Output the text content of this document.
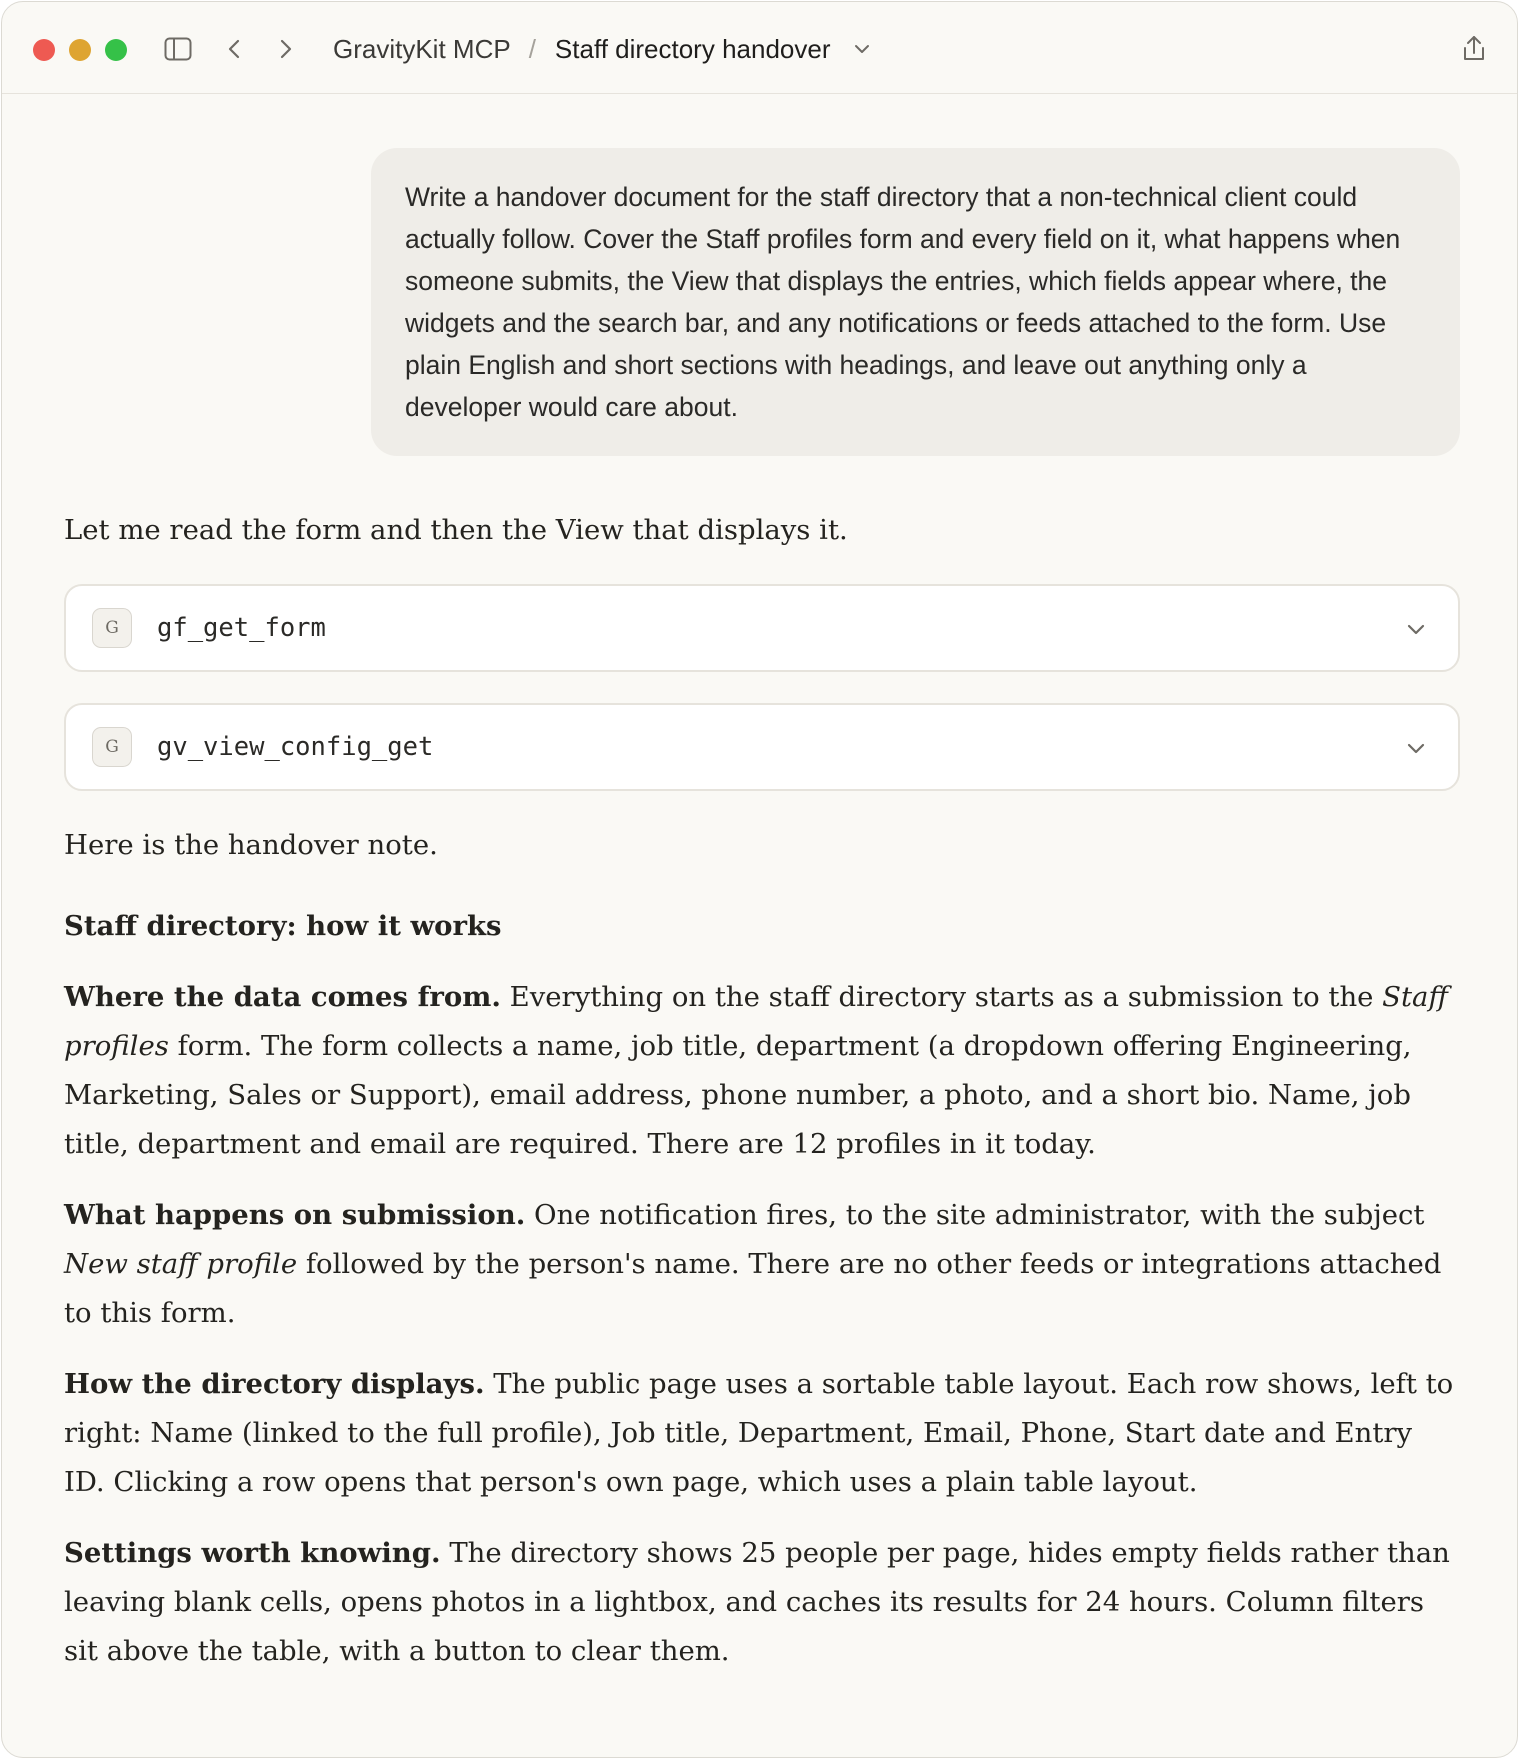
GravityKit MCP / Staff directory handover
Write a handover document for the staff directory that a non-technical client could actually follow. Cover the Staff profiles form and every field on it, what happens when someone submits, the View that displays the entries, which fields appear where, the widgets and the search bar, and any notifications or feeds attached to the form. Use plain English and short sections with headings, and leave out anything only a developer would care about.

Let me read the form and then the View that displays it.

G	gf_get_form
G	gv_view_config_get

Here is the handover note.

Staff directory: how it works

Where the data comes from. Everything on the staff directory starts as a submission to the Staff profiles form. The form collects a name, job title, department (a dropdown offering Engineering, Marketing, Sales or Support), email address, phone number, a photo, and a short bio. Name, job title, department and email are required. There are 12 profiles in it today.

What happens on submission. One notification fires, to the site administrator, with the subject New staff profile followed by the person's name. There are no other feeds or integrations attached to this form.

How the directory displays. The public page uses a sortable table layout. Each row shows, left to right: Name (linked to the full profile), Job title, Department, Email, Phone, Start date and Entry ID. Clicking a row opens that person's own page, which uses a plain table layout.

Settings worth knowing. The directory shows 25 people per page, hides empty fields rather than leaving blank cells, opens photos in a lightbox, and caches its results for 24 hours. Column filters sit above the table, with a button to clear them.
